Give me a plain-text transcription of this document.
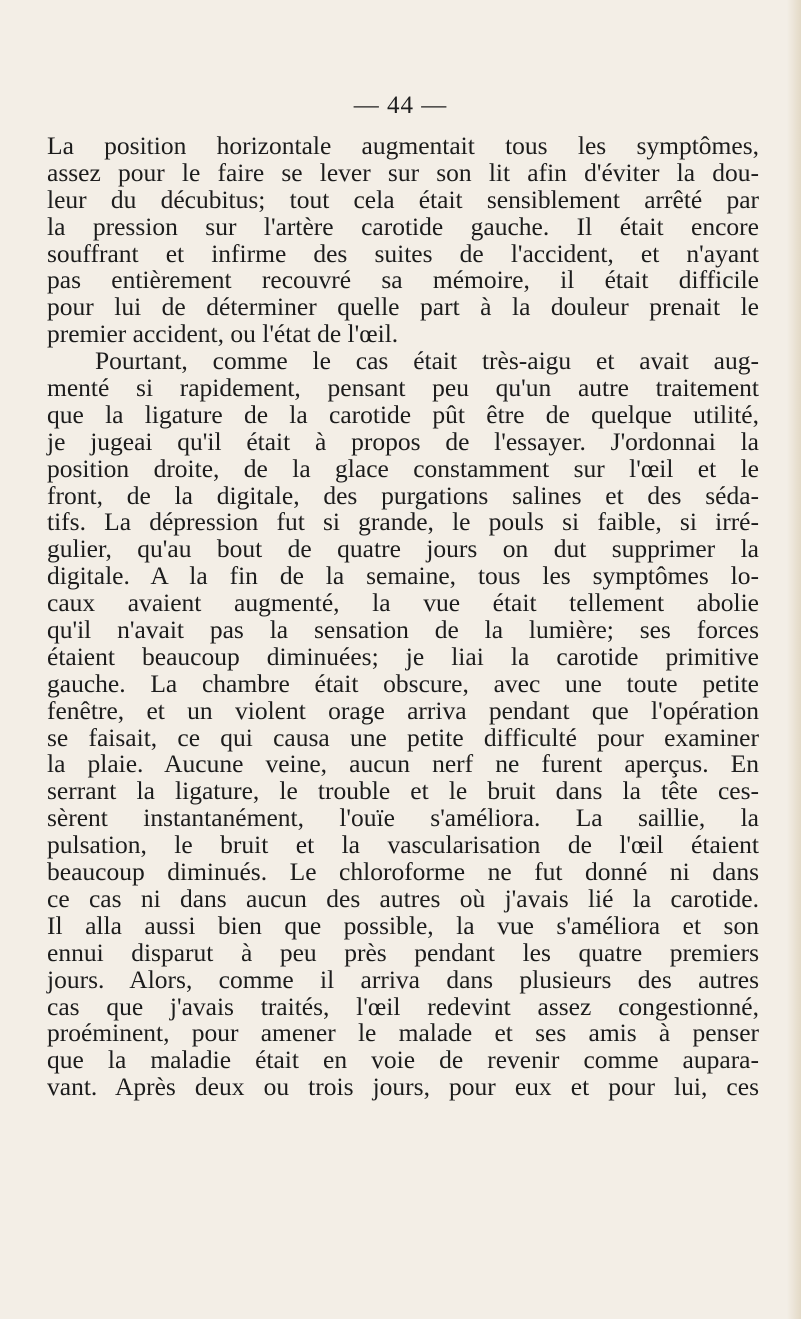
— 44 —
La position horizontale augmentait tous les symptômes,
assez pour le faire se lever sur son lit afin d'éviter la dou-
leur du décubitus; tout cela était sensiblement arrêté par
la pression sur l'artère carotide gauche. Il était encore
souffrant et infirme des suites de l'accident, et n'ayant
pas entièrement recouvré sa mémoire, il était difficile
pour lui de déterminer quelle part à la douleur prenait le
premier accident, ou l'état de l'œil.
Pourtant, comme le cas était très-aigu et avait aug-
menté si rapidement, pensant peu qu'un autre traitement
que la ligature de la carotide pût être de quelque utilité,
je jugeai qu'il était à propos de l'essayer. J'ordonnai la
position droite, de la glace constamment sur l'œil et le
front, de la digitale, des purgations salines et des séda-
tifs. La dépression fut si grande, le pouls si faible, si irré-
gulier, qu'au bout de quatre jours on dut supprimer la
digitale. A la fin de la semaine, tous les symptômes lo-
caux avaient augmenté, la vue était tellement abolie
qu'il n'avait pas la sensation de la lumière; ses forces
étaient beaucoup diminuées; je liai la carotide primitive
gauche. La chambre était obscure, avec une toute petite
fenêtre, et un violent orage arriva pendant que l'opération
se faisait, ce qui causa une petite difficulté pour examiner
la plaie. Aucune veine, aucun nerf ne furent aperçus. En
serrant la ligature, le trouble et le bruit dans la tête ces-
sèrent instantanément, l'ouïe s'améliora. La saillie, la
pulsation, le bruit et la vascularisation de l'œil étaient
beaucoup diminués. Le chloroforme ne fut donné ni dans
ce cas ni dans aucun des autres où j'avais lié la carotide.
Il alla aussi bien que possible, la vue s'améliora et son
ennui disparut à peu près pendant les quatre premiers
jours. Alors, comme il arriva dans plusieurs des autres
cas que j'avais traités, l'œil redevint assez congestionné,
proéminent, pour amener le malade et ses amis à penser
que la maladie était en voie de revenir comme aupara-
vant. Après deux ou trois jours, pour eux et pour lui, ces
